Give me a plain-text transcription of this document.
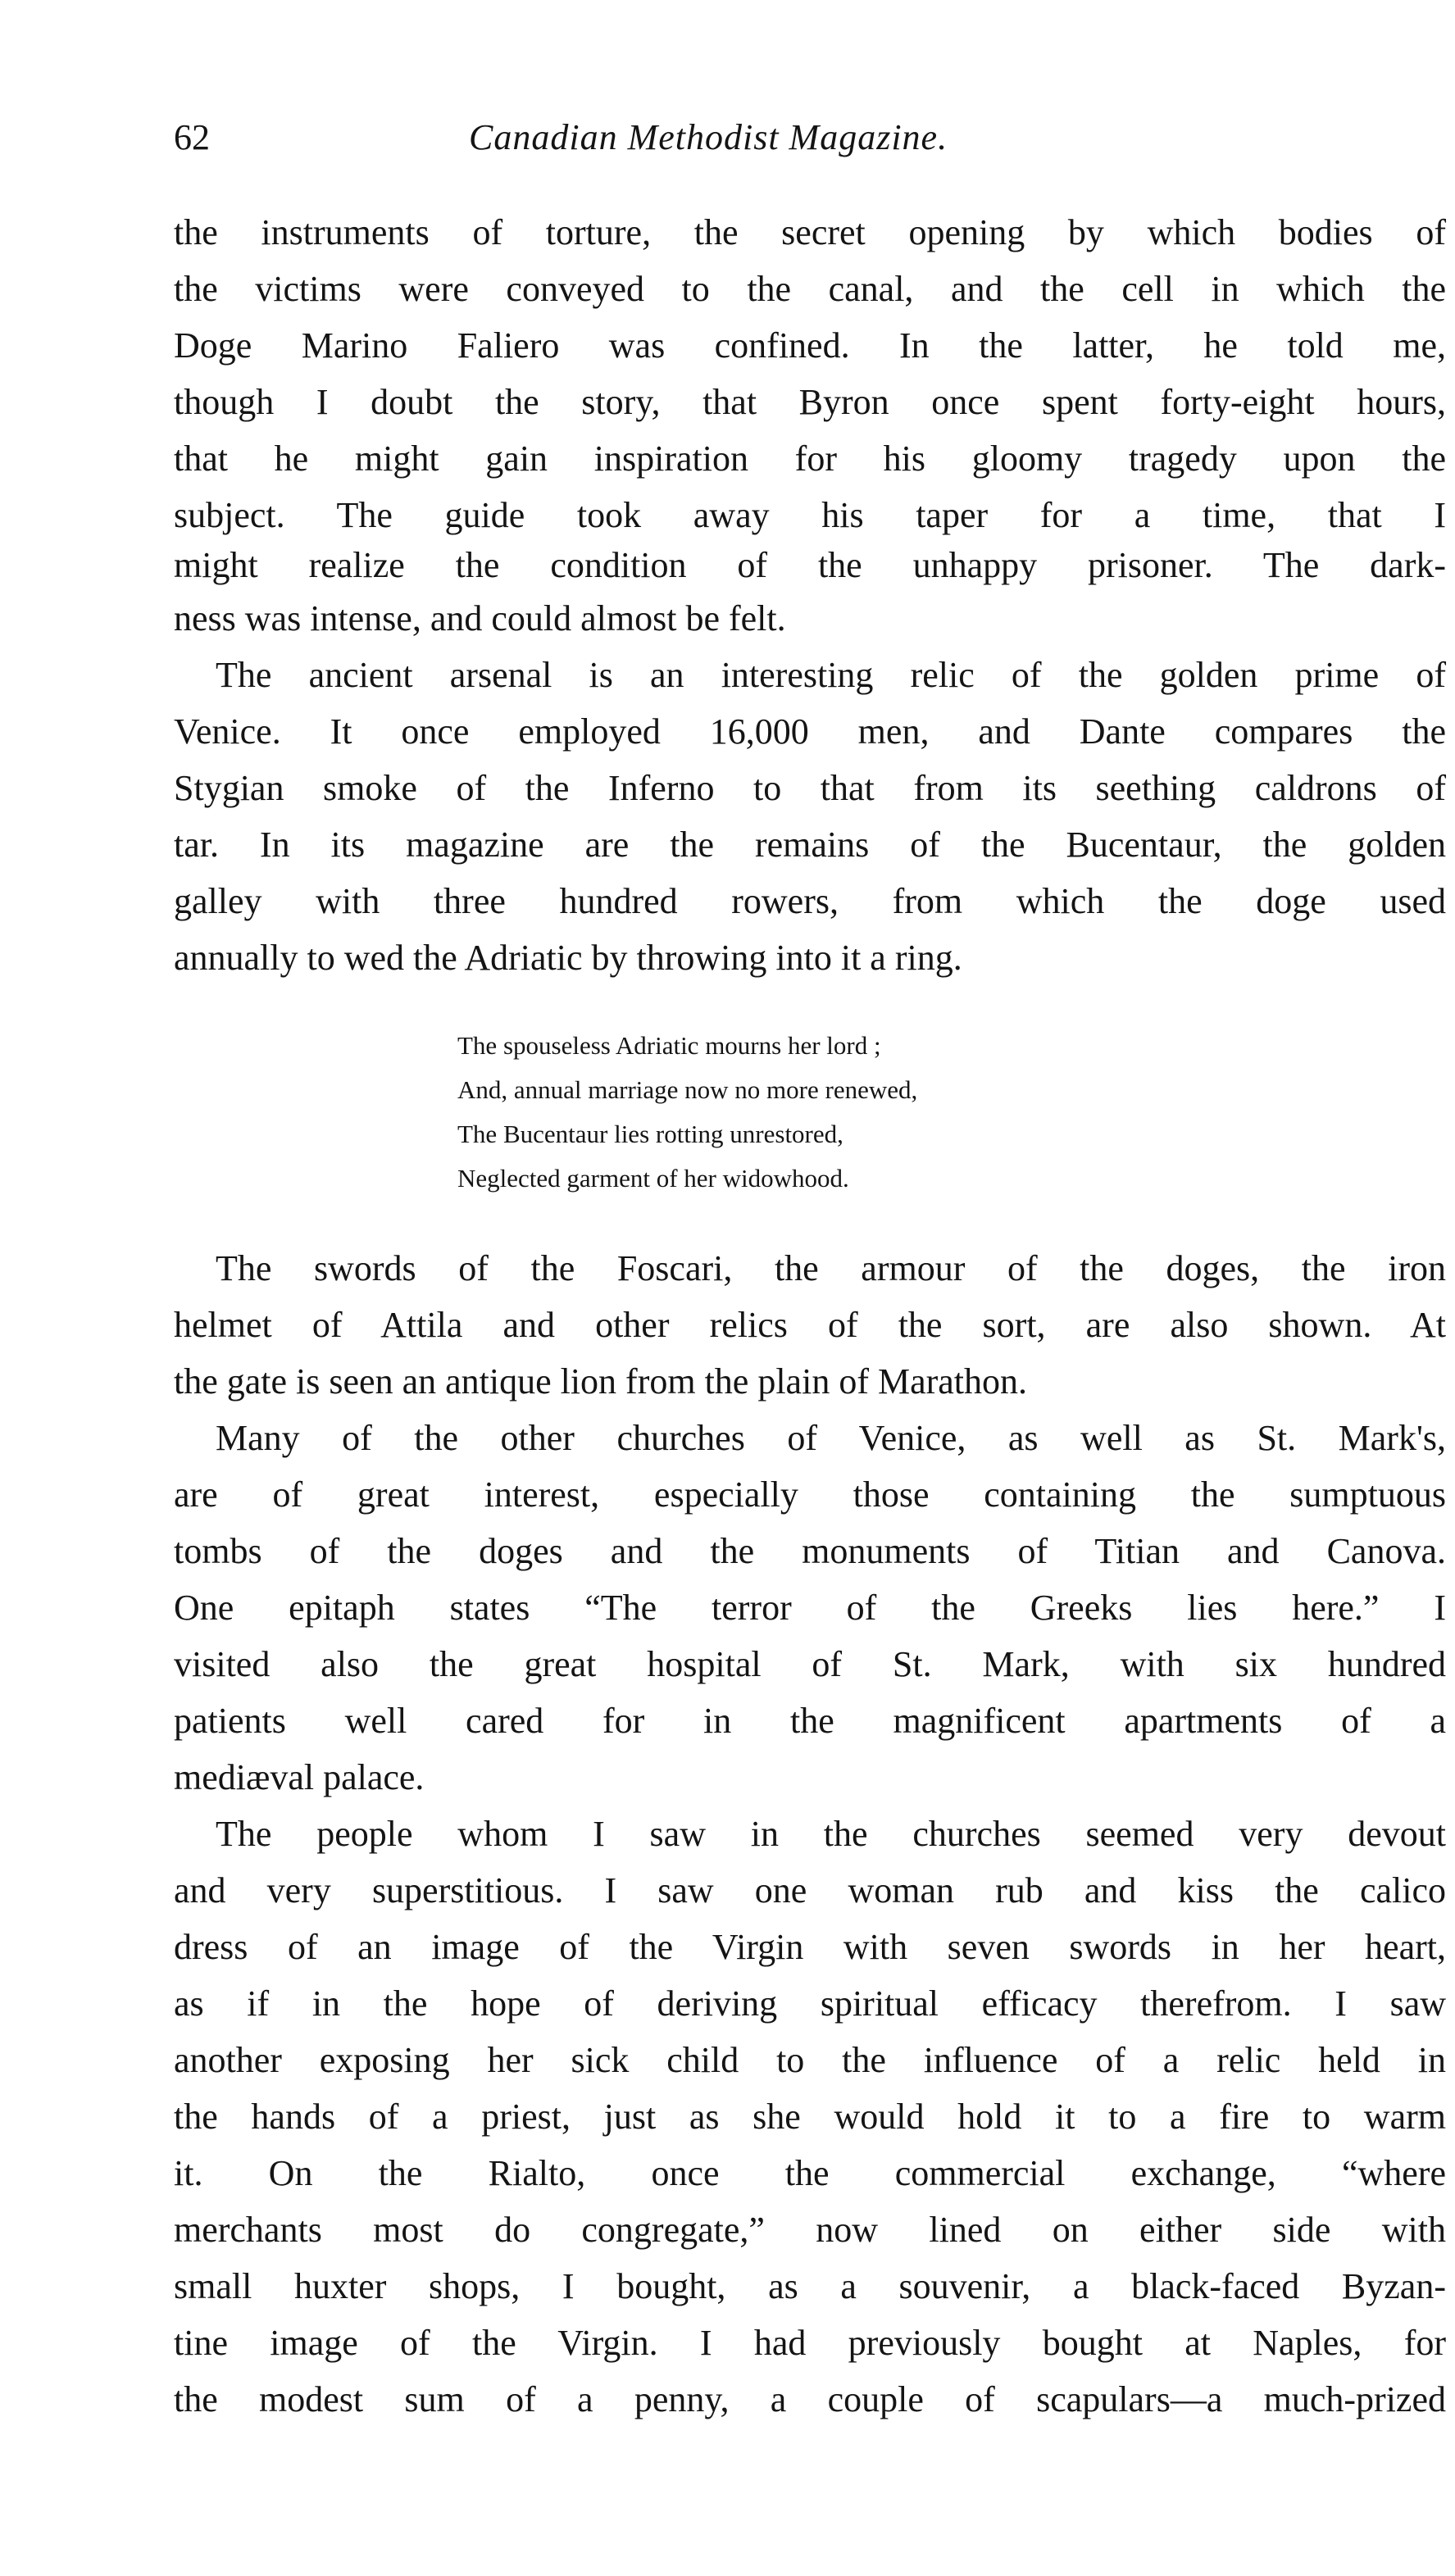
62	Canadian Methodist Magazine.
the instruments of torture, the secret opening by which bodies of
the victims were conveyed to the canal, and the cell in which the
Doge Marino Faliero was confined. In the latter, he told me,
though I doubt the story, that Byron once spent forty-eight hours,
that he might gain inspiration for his gloomy tragedy upon the
subject. The guide took away his taper for a time, that I
might realize the condition of the unhappy prisoner. The dark-
ness was intense, and could almost be felt.
The ancient arsenal is an interesting relic of the golden prime of
Venice. It once employed 16,000 men, and Dante compares the
Stygian smoke of the Inferno to that from its seething caldrons of
tar. In its magazine are the remains of the Bucentaur, the golden
galley with three hundred rowers, from which the doge used
annually to wed the Adriatic by throwing into it a ring.
The spouseless Adriatic mourns her lord ;
And, annual marriage now no more renewed,
The Bucentaur lies rotting unrestored,
Neglected garment of her widowhood.
The swords of the Foscari, the armour of the doges, the iron
helmet of Attila and other relics of the sort, are also shown. At
the gate is seen an antique lion from the plain of Marathon.
Many of the other churches of Venice, as well as St. Mark's,
are of great interest, especially those containing the sumptuous
tombs of the doges and the monuments of Titian and Canova.
One epitaph states “The terror of the Greeks lies here.” I
visited also the great hospital of St. Mark, with six hundred
patients well cared for in the magnificent apartments of a
mediæval palace.
The people whom I saw in the churches seemed very devout
and very superstitious. I saw one woman rub and kiss the calico
dress of an image of the Virgin with seven swords in her heart,
as if in the hope of deriving spiritual efficacy therefrom. I saw
another exposing her sick child to the influence of a relic held in
the hands of a priest, just as she would hold it to a fire to warm
it. On the Rialto, once the commercial exchange, “where
merchants most do congregate,” now lined on either side with
small huxter shops, I bought, as a souvenir, a black-faced Byzan-
tine image of the Virgin. I had previously bought at Naples, for
the modest sum of a penny, a couple of scapulars—a much-prized
